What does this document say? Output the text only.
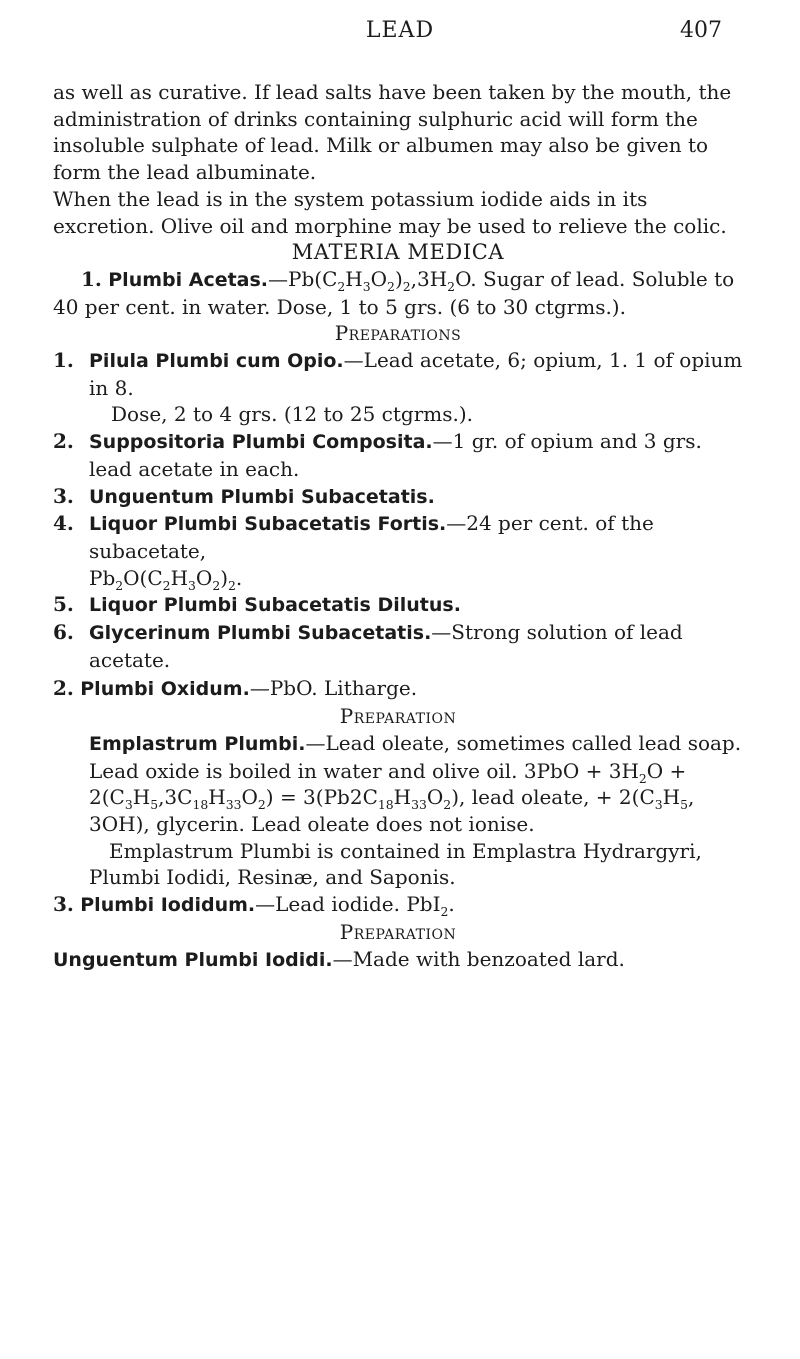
LEAD	407

as well as curative. If lead salts have been taken by the mouth, the administration of drinks containing sulphuric acid will form the insoluble sulphate of lead. Milk or albumen may also be given to form the lead albuminate.

When the lead is in the system potassium iodide aids in its excretion. Olive oil and morphine may be used to relieve the colic.

MATERIA MEDICA

1. Plumbi $Acetas.—Pb(C_2H_3O_2)_2,3H_2O$. Sugar of lead. Soluble to 40 per cent. in water. Dose, 1 to 5 grs. (6 to 30 ctgrms.).

Preparations

1. Pilula Plumbi cum Opio.—Lead acetate, 6; opium, 1. 1 of opium in 8.
Dose, 2 to 4 grs. (12 to 25 ctgrms.).
2. Suppositoria Plumbi Composita.—1 gr. of opium and 3 grs. lead acetate in each.
3. Unguentum Plumbi Subacetatis.
4. Liquor Plumbi Subacetatis Fortis.—24 per cent. of the subacetate,
$Pb_2O(C_2H_3O_2)_2$.
5. Liquor Plumbi Subacetatis Dilutus.
6. Glycerinum Plumbi Subacetatis.—Strong solution of lead acetate.

2. Plumbi Oxidum.—PbO. Litharge.

Preparation

Emplastrum Plumbi.—Lead oleate, sometimes called lead soap. Lead oxide is boiled in water and olive oil. $3PbO + 3H_2O + 2(C_3H_5,3C_{18}H_{33}O_2) = 3(Pb2C_{18}H_{33}O_2)$, lead oleate, + $2(C_3H_5$, 3OH), glycerin. Lead oleate does not ionise.
Emplastrum Plumbi is contained in Emplastra Hydrargyri, Plumbi Iodidi, Resinæ, and Saponis.

3. Plumbi Iodidum.—Lead iodide. PbI$_2$.

Preparation

Unguentum Plumbi Iodidi.—Made with benzoated lard.
